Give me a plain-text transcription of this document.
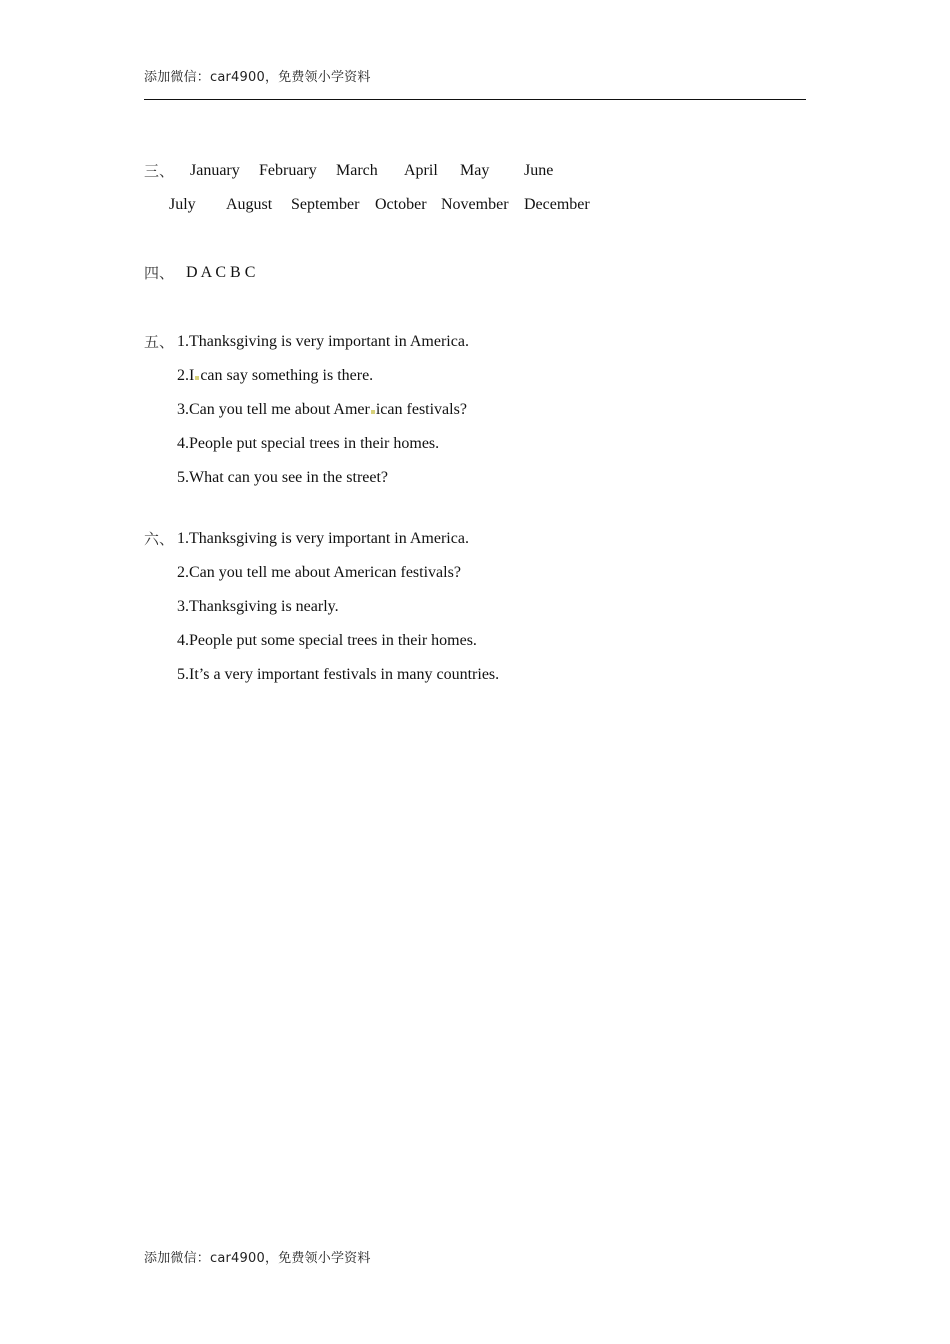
添加微信：car4900，免费领小学资料
三、 January February March April May June
July August September October November December
四、 D A C B C
五、 1.Thanksgiving is very important in America.
2.I can say something is there.
3.Can you tell me about Amer ican festivals?
4.People put special trees in their homes.
5.What can you see in the street?
六、 1.Thanksgiving is very important in America.
2.Can you tell me about American festivals?
3.Thanksgiving is nearly.
4.People put some special trees in their homes.
5.It’s a very important festivals in many countries.
添加微信：car4900，免费领小学资料
